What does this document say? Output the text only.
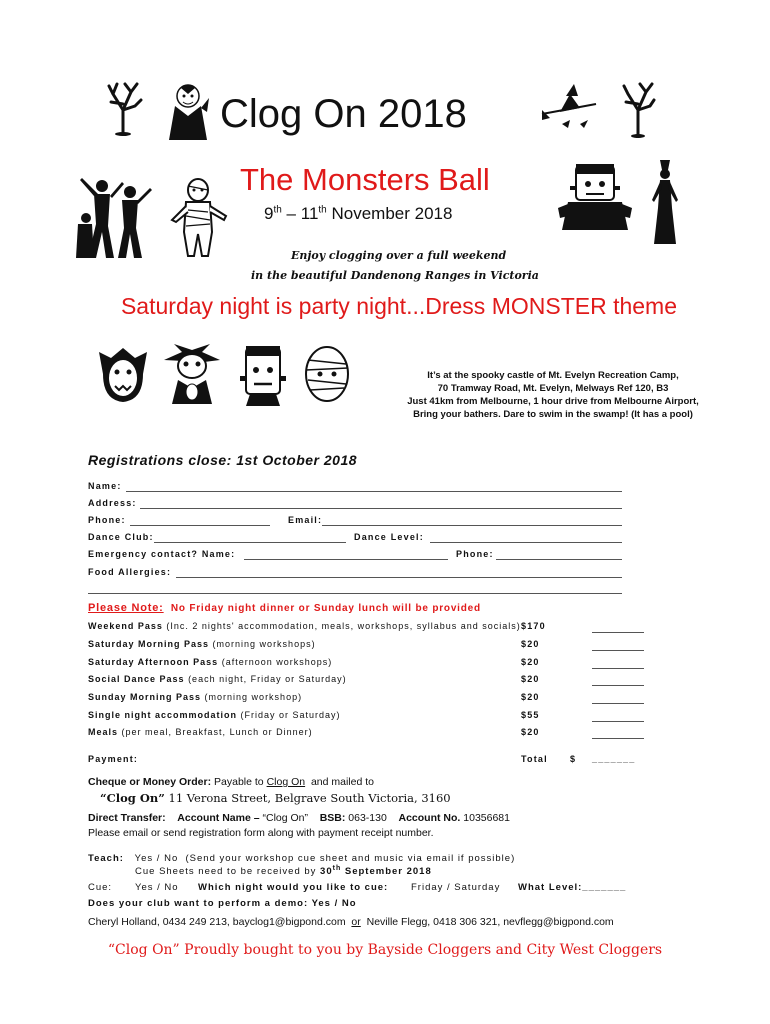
Clog On 2018
The Monsters Ball
9th – 11th November 2018
Enjoy clogging over a full weekend
in the beautiful Dandenong Ranges in Victoria
Saturday night is party night...Dress MONSTER theme
It’s at the spooky castle of Mt. Evelyn Recreation Camp,
70 Tramway Road, Mt. Evelyn, Melways Ref 120, B3
Just 41km from Melbourne, 1 hour drive from Melbourne Airport,
Bring your bathers. Dare to swim in the swamp! (It has a pool)
Registrations close: 1st October 2018
Name:
Address:
Phone:	Email:
Dance Club:	Dance Level:
Emergency contact? Name:	Phone:
Food Allergies:
Please Note: No Friday night dinner or Sunday lunch will be provided
Weekend Pass (Inc. 2 nights' accommodation, meals, workshops, syllabus and socials) $170
Saturday Morning Pass (morning workshops)	$20
Saturday Afternoon Pass (afternoon workshops)	$20
Social Dance Pass (each night, Friday or Saturday)	$20
Sunday Morning Pass (morning workshop)	$20
Single night accommodation (Friday or Saturday)	$55
Meals (per meal, Breakfast, Lunch or Dinner)	$20
Payment:	Total $ _______
Cheque or Money Order: Payable to Clog On and mailed to
“Clog On” 11 Verona Street, Belgrave South Victoria, 3160
Direct Transfer: Account Name – “Clog On” BSB: 063-130 Account No. 10356681
Please email or send registration form along with payment receipt number.
Teach: Yes / No (Send your workshop cue sheet and music via email if possible)
Cue Sheets need to be received by 30th September 2018
Cue: Yes / No Which night would you like to cue: Friday / Saturday What Level:_______
Does your club want to perform a demo: Yes / No
Cheryl Holland, 0434 249 213, bayclog1@bigpond.com or Neville Flegg, 0418 306 321, nevflegg@bigpond.com
“Clog On” Proudly bought to you by Bayside Cloggers and City West Cloggers
